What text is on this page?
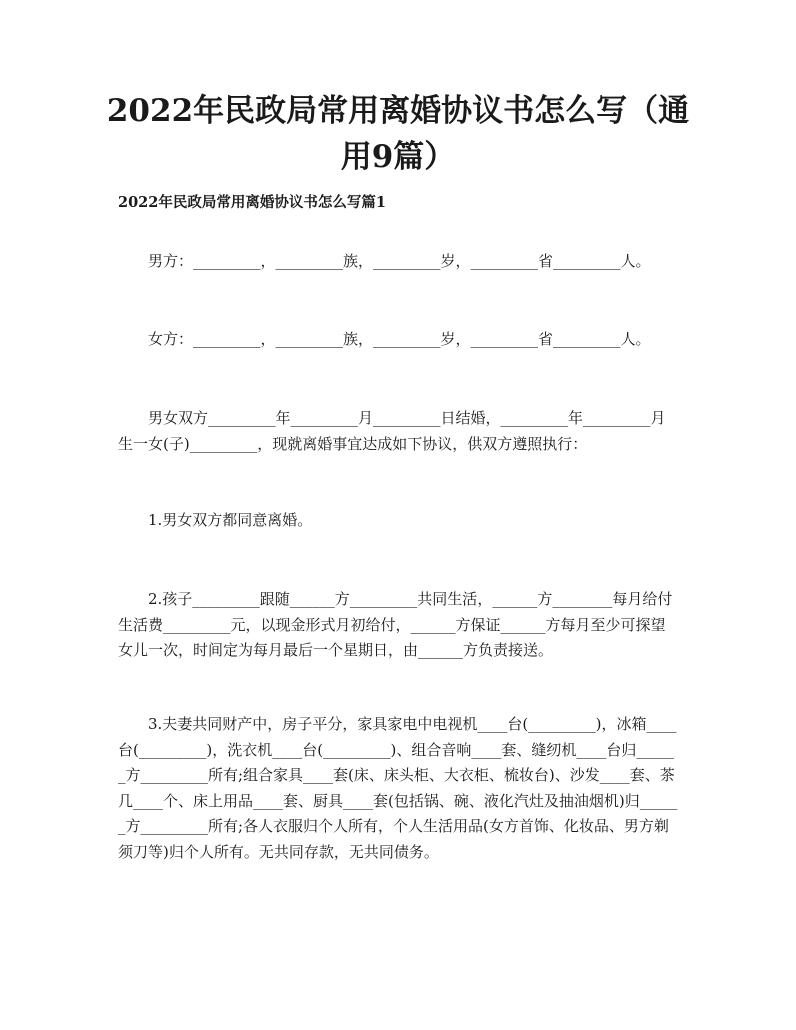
2022年民政局常用离婚协议书怎么写（通用9篇）
2022年民政局常用离婚协议书怎么写篇1

男方：_________，_________族，_________岁，_________省_________人。

女方：_________，_________族，_________岁，_________省_________人。

男女双方_________年_________月_________日结婚，_________年_________月生一女(子)_________，现就离婚事宜达成如下协议，供双方遵照执行：

1.男女双方都同意离婚。

2.孩子_________跟随______方_________共同生活，______方________每月给付生活费_________元，以现金形式月初给付，______方保证______方每月至少可探望女儿一次，时间定为每月最后一个星期日，由______方负责接送。

3.夫妻共同财产中，房子平分，家具家电中电视机____台(_________)，冰箱____台(_________)，洗衣机____台(_________)、组合音响____套、缝纫机____台归______方_________所有;组合家具____套(床、床头柜、大衣柜、梳妆台)、沙发____套、茶几____个、床上用品____套、厨具____套(包括锅、碗、液化汽灶及抽油烟机)归______方_________所有;各人衣服归个人所有，个人生活用品(女方首饰、化妆品、男方剃须刀等)归个人所有。无共同存款，无共同债务。
